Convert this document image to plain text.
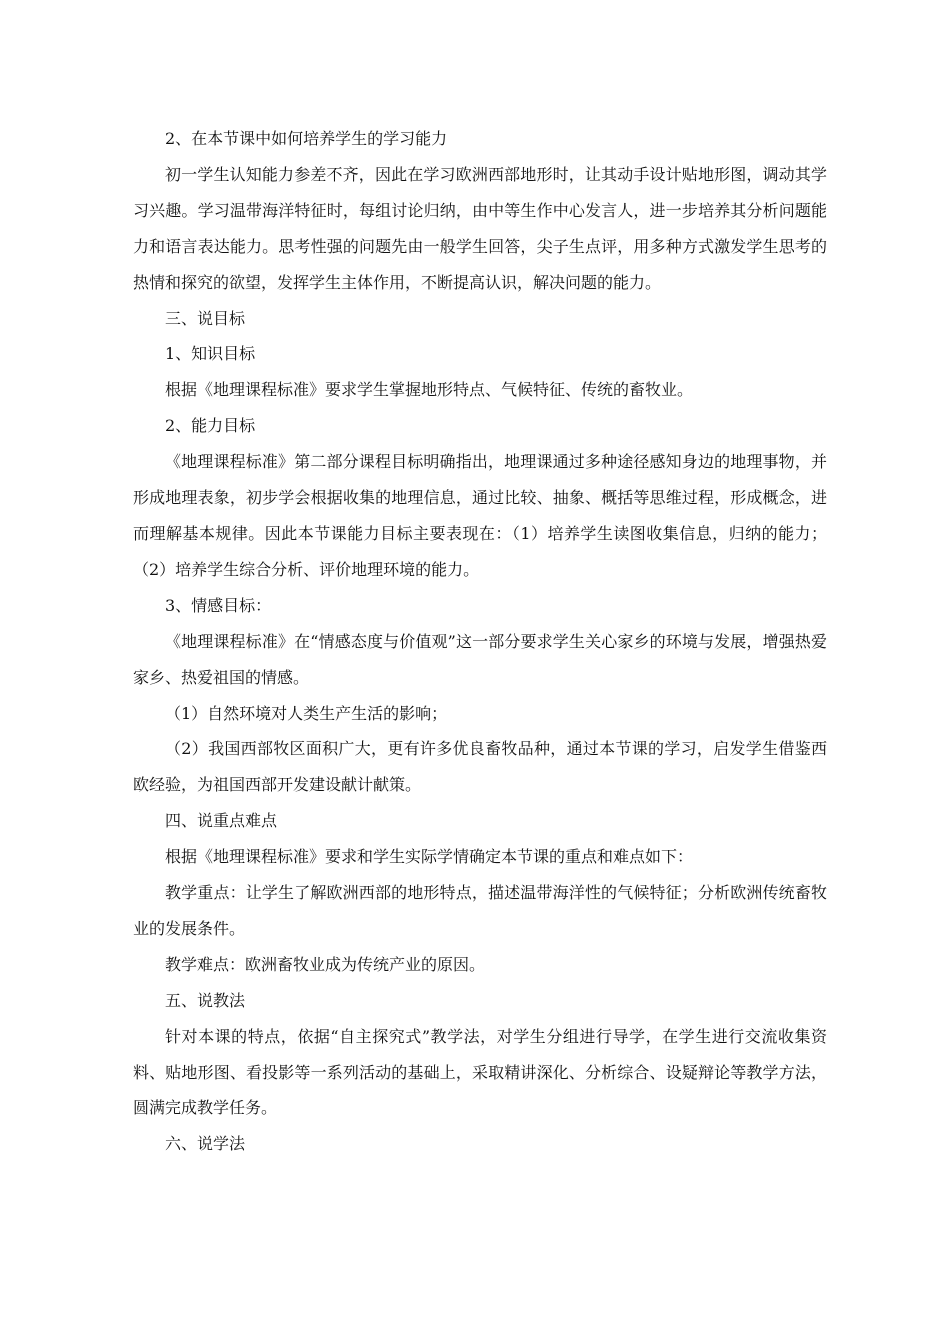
2、在本节课中如何培养学生的学习能力

初一学生认知能力参差不齐，因此在学习欧洲西部地形时，让其动手设计贴地形图，调动其学习兴趣。学习温带海洋特征时，每组讨论归纳，由中等生作中心发言人，进一步培养其分析问题能力和语言表达能力。思考性强的问题先由一般学生回答，尖子生点评，用多种方式激发学生思考的热情和探究的欲望，发挥学生主体作用，不断提高认识，解决问题的能力。

三、说目标

1、知识目标

根据《地理课程标准》要求学生掌握地形特点、气候特征、传统的畜牧业。

2、能力目标

《地理课程标准》第二部分课程目标明确指出，地理课通过多种途径感知身边的地理事物，并形成地理表象，初步学会根据收集的地理信息，通过比较、抽象、概括等思维过程，形成概念，进而理解基本规律。因此本节课能力目标主要表现在：（1）培养学生读图收集信息，归纳的能力；（2）培养学生综合分析、评价地理环境的能力。

3、情感目标：

《地理课程标准》在“情感态度与价值观”这一部分要求学生关心家乡的环境与发展，增强热爱家乡、热爱祖国的情感。

（1）自然环境对人类生产生活的影响；

（2）我国西部牧区面积广大，更有许多优良畜牧品种，通过本节课的学习，启发学生借鉴西欧经验，为祖国西部开发建设献计献策。

四、说重点难点

根据《地理课程标准》要求和学生实际学情确定本节课的重点和难点如下：

教学重点：让学生了解欧洲西部的地形特点，描述温带海洋性的气候特征；分析欧洲传统畜牧业的发展条件。

教学难点：欧洲畜牧业成为传统产业的原因。

五、说教法

针对本课的特点，依据“自主探究式”教学法，对学生分组进行导学，在学生进行交流收集资料、贴地形图、看投影等一系列活动的基础上，采取精讲深化、分析综合、设疑辩论等教学方法，圆满完成教学任务。

六、说学法
